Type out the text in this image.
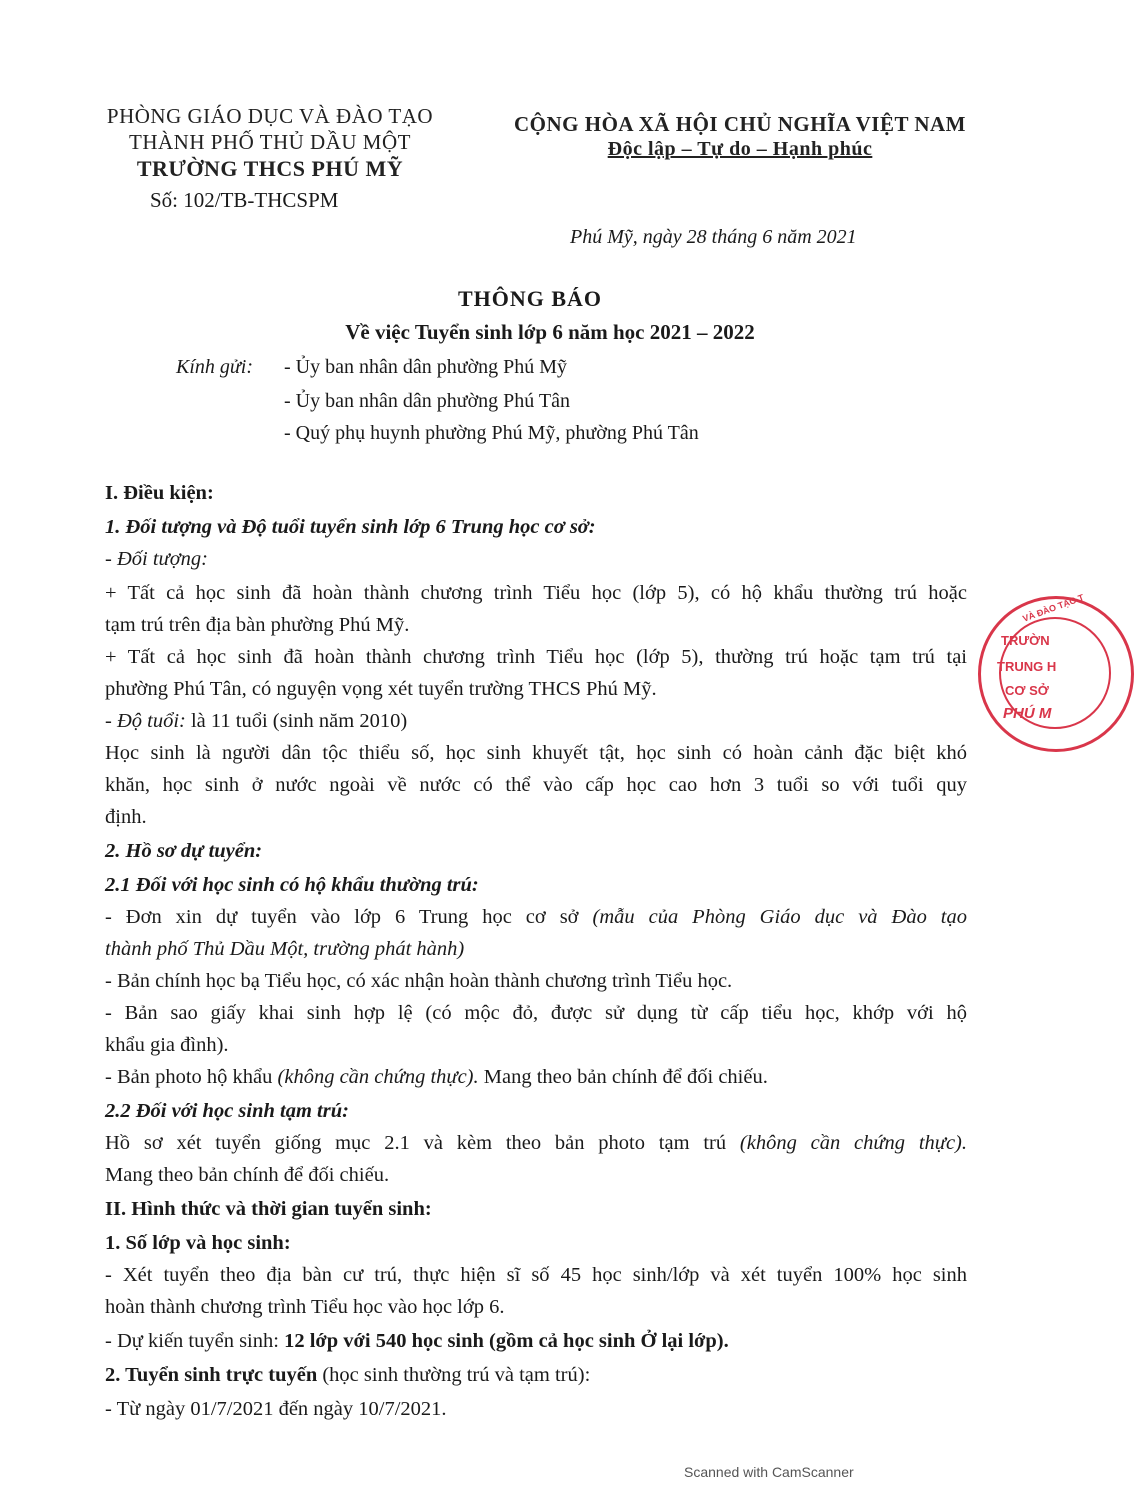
PHÒNG GIÁO DỤC VÀ ĐÀO TẠO
THÀNH PHỐ THỦ DẦU MỘT
TRƯỜNG THCS PHÚ MỸ
Số: 102/TB-THCSPM
CỘNG HÒA XÃ HỘI CHỦ NGHĨA VIỆT NAM
Độc lập – Tự do – Hạnh phúc
Phú Mỹ, ngày 28 tháng 6 năm 2021
THÔNG BÁO
Về việc Tuyển sinh lớp 6 năm học 2021 – 2022
Kính gửi: - Ủy ban nhân dân phường Phú Mỹ
- Ủy ban nhân dân phường Phú Tân
- Quý phụ huynh phường Phú Mỹ, phường Phú Tân
I. Điều kiện:
1. Đối tượng và Độ tuổi tuyển sinh lớp 6 Trung học cơ sở:
- Đối tượng:
+ Tất cả học sinh đã hoàn thành chương trình Tiểu học (lớp 5), có hộ khẩu thường trú hoặc
tạm trú trên địa bàn phường Phú Mỹ.
+ Tất cả học sinh đã hoàn thành chương trình Tiểu học (lớp 5), thường trú hoặc tạm trú tại
phường Phú Tân, có nguyện vọng xét tuyển trường THCS Phú Mỹ.
- Độ tuổi: là 11 tuổi (sinh năm 2010)
Học sinh là người dân tộc thiểu số, học sinh khuyết tật, học sinh có hoàn cảnh đặc biệt khó
khăn, học sinh ở nước ngoài về nước có thể vào cấp học cao hơn 3 tuổi so với tuổi quy
định.
2. Hồ sơ dự tuyển:
2.1 Đối với học sinh có hộ khẩu thường trú:
- Đơn xin dự tuyển vào lớp 6 Trung học cơ sở (mẫu của Phòng Giáo dục và Đào tạo
thành phố Thủ Dầu Một, trường phát hành)
- Bản chính học bạ Tiểu học, có xác nhận hoàn thành chương trình Tiểu học.
- Bản sao giấy khai sinh hợp lệ (có mộc đỏ, được sử dụng từ cấp tiểu học, khớp với hộ
khẩu gia đình).
- Bản photo hộ khẩu (không cần chứng thực). Mang theo bản chính để đối chiếu.
2.2 Đối với học sinh tạm trú:
Hồ sơ xét tuyển giống mục 2.1 và kèm theo bản photo tạm trú (không cần chứng thực).
Mang theo bản chính để đối chiếu.
II. Hình thức và thời gian tuyển sinh:
1. Số lớp và học sinh:
- Xét tuyển theo địa bàn cư trú, thực hiện sĩ số 45 học sinh/lớp và xét tuyển 100% học sinh
hoàn thành chương trình Tiểu học vào học lớp 6.
- Dự kiến tuyển sinh: 12 lớp với 540 học sinh (gồm cả học sinh Ở lại lớp).
2. Tuyển sinh trực tuyến (học sinh thường trú và tạm trú):
- Từ ngày 01/7/2021 đến ngày 10/7/2021.
VÀ ĐÀO TẠO T
TRƯỜN
TRUNG H
CƠ SỞ
PHÚ M
Scanned with CamScanner
